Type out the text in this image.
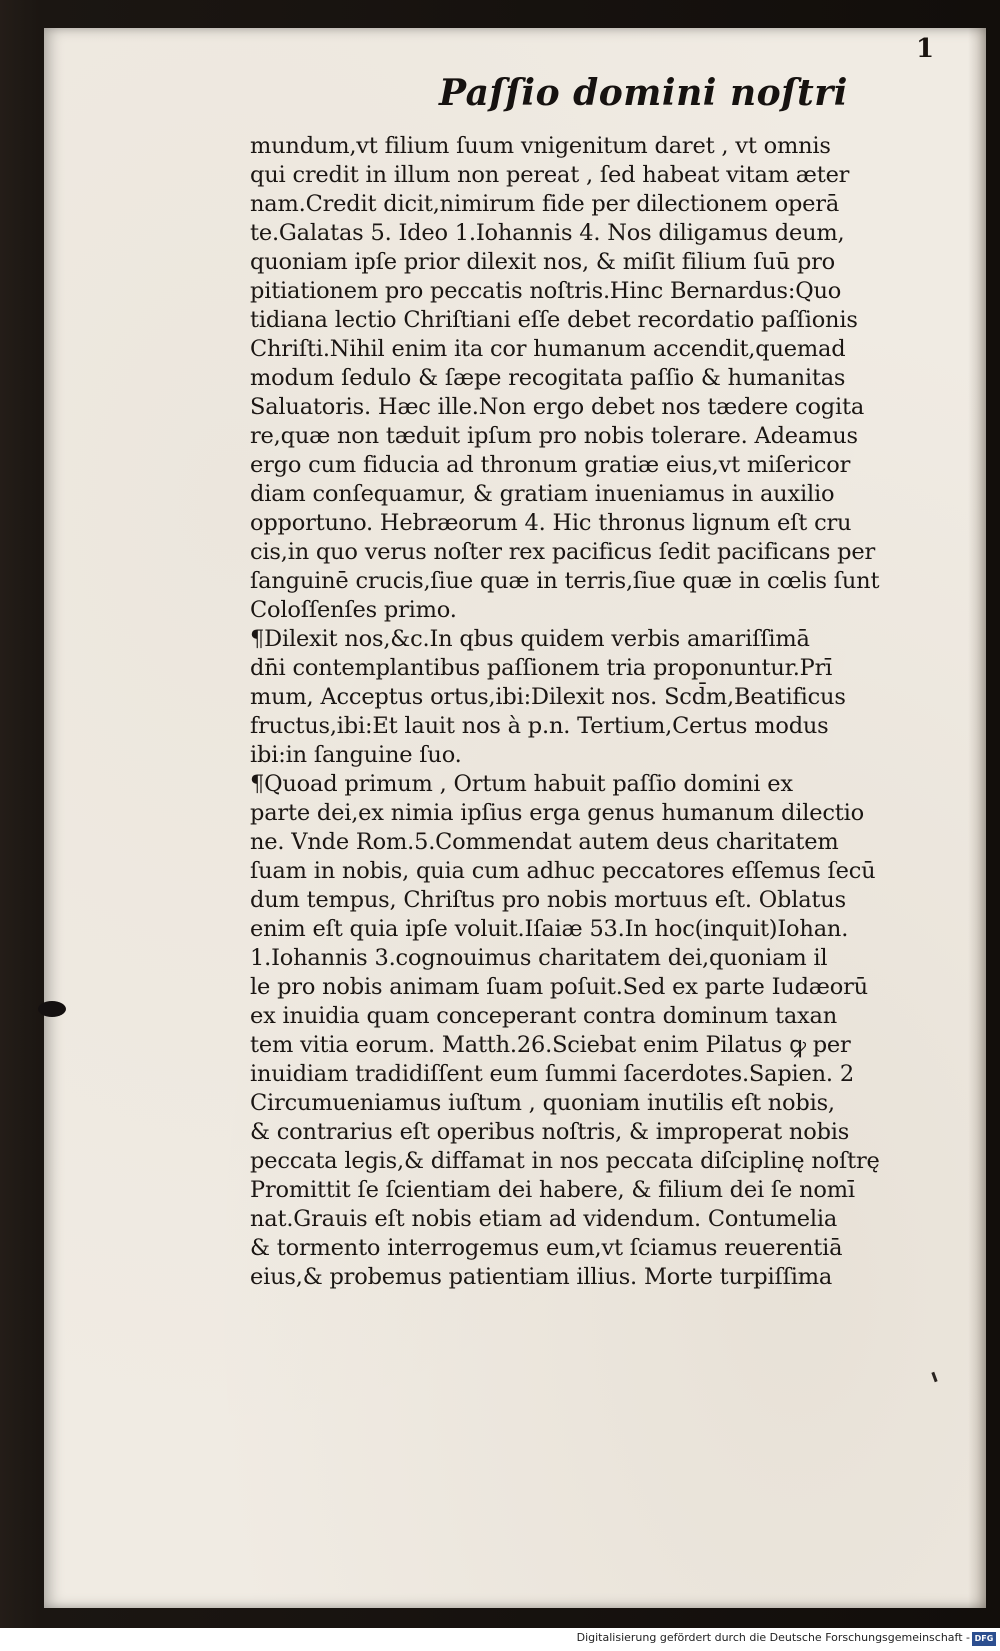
1
Paſſio domini noſtri
mundum,vt filium ſuum vnigenitum daret , vt omnis
qui credit in illum non pereat , ſed habeat vitam æter
nam.Credit dicit,nimirum fide per dilectionem operā
te.Galatas 5. Ideo 1.Iohannis 4. Nos diligamus deum,
quoniam ipſe prior dilexit nos, & miſit filium ſuū pro
pitiationem pro peccatis noſtris.Hinc Bernardus:Quo
tidiana lectio Chriſtiani eſſe debet recordatio paſſionis
Chriſti.Nihil enim ita cor humanum accendit,quemad
modum ſedulo & ſæpe recogitata paſſio & humanitas
Saluatoris. Hæc ille.Non ergo debet nos tædere cogita
re,quæ non tæduit ipſum pro nobis tolerare. Adeamus
ergo cum fiducia ad thronum gratiæ eius,vt miſericor
diam conſequamur, & gratiam inueniamus in auxilio
opportuno. Hebræorum 4. Hic thronus lignum eſt cru
cis,in quo verus noſter rex pacificus ſedit pacificans per
ſanguinē crucis,ſiue quæ in terris,ſiue quæ in cœlis ſunt
Coloſſenſes primo.
¶Dilexit nos,&c.In qbus quidem verbis amariſſimā
dn̄i contemplantibus paſſionem tria proponuntur.Prī
mum, Acceptus ortus,ibi:Dilexit nos. Scd̄m,Beatificus
fructus,ibi:Et lauit nos à p.n. Tertium,Certus modus
ibi:in ſanguine ſuo.
¶Quoad primum , Ortum habuit paſſio domini ex
parte dei,ex nimia ipſius erga genus humanum dilectio
ne. Vnde Rom.5.Commendat autem deus charitatem
ſuam in nobis, quia cum adhuc peccatores eſſemus ſecū
dum tempus, Chriſtus pro nobis mortuus eſt. Oblatus
enim eſt quia ipſe voluit.Iſaiæ 53.In hoc(inquit)Iohan.
1.Iohannis 3.cognouimus charitatem dei,quoniam il
le pro nobis animam ſuam poſuit.Sed ex parte Iudæorū
ex inuidia quam conceperant contra dominum taxan
tem vitia eorum. Matth.26.Sciebat enim Pilatus ꝙ per
inuidiam tradidiſſent eum ſummi ſacerdotes.Sapien. 2
Circumueniamus iuſtum , quoniam inutilis eſt nobis,
& contrarius eſt operibus noſtris, & improperat nobis
peccata legis,& diffamat in nos peccata diſciplinę noſtrę
Promittit ſe ſcientiam dei habere, & filium dei ſe nomī
nat.Grauis eſt nobis etiam ad videndum. Contumelia
& tormento interrogemus eum,vt ſciamus reuerentiā
eius,& probemus patientiam illius. Morte turpiſſima
Digitalisierung gefördert durch die Deutsche Forschungsgemeinschaft - DFG
